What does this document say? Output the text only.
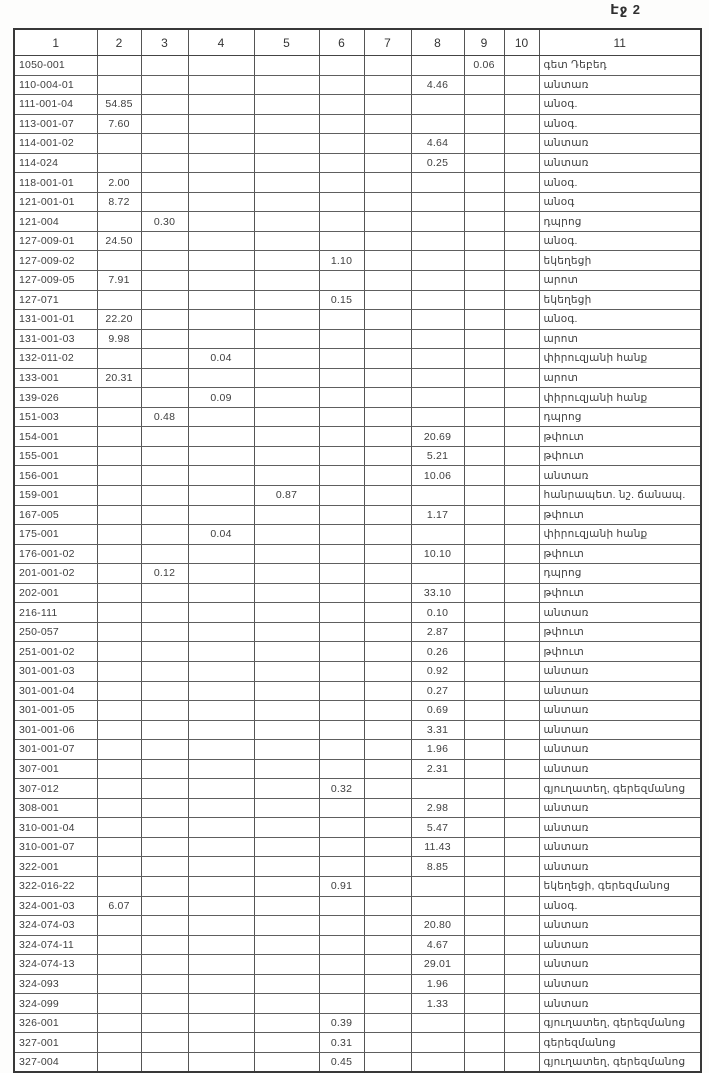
Էջ 2
1	2	3	4	5	6	7	8	9	10	11
1050-001								0.06		գետ Դեբեդ
110-004-01							4.46			անտառ
111-001-04	54.85									անօգ.
113-001-07	7.60									անօգ.
114-001-02							4.64			անտառ
114-024							0.25			անտառ
118-001-01	2.00									անօգ.
121-001-01	8.72									անօգ
121-004		0.30								դպրոց
127-009-01	24.50									անօգ.
127-009-02					1.10					եկեղեցի
127-009-05	7.91									արոտ
127-071					0.15					եկեղեցի
131-001-01	22.20									անօգ.
131-001-03	9.98									արոտ
132-011-02			0.04							փիրուզյանի հանք
133-001	20.31									արոտ
139-026			0.09							փիրուզյանի հանք
151-003		0.48								դպրոց
154-001							20.69			թփուտ
155-001							5.21			թփուտ
156-001							10.06			անտառ
159-001				0.87						հանրապետ. նշ. ճանապ.
167-005							1.17			թփուտ
175-001			0.04							փիրուզյանի հանք
176-001-02							10.10			թփուտ
201-001-02		0.12								դպրոց
202-001							33.10			թփուտ
216-111							0.10			անտառ
250-057							2.87			թփուտ
251-001-02							0.26			թփուտ
301-001-03							0.92			անտառ
301-001-04							0.27			անտառ
301-001-05							0.69			անտառ
301-001-06							3.31			անտառ
301-001-07							1.96			անտառ
307-001							2.31			անտառ
307-012					0.32					գյուղատեղ, գերեզմանոց
308-001							2.98			անտառ
310-001-04							5.47			անտառ
310-001-07							11.43			անտառ
322-001							8.85			անտառ
322-016-22					0.91					եկեղեցի, գերեզմանոց
324-001-03	6.07									անօգ.
324-074-03							20.80			անտառ
324-074-11							4.67			անտառ
324-074-13							29.01			անտառ
324-093							1.96			անտառ
324-099							1.33			անտառ
326-001					0.39					գյուղատեղ, գերեզմանոց
327-001					0.31					գերեզմանոց
327-004					0.45					գյուղատեղ, գերեզմանոց
